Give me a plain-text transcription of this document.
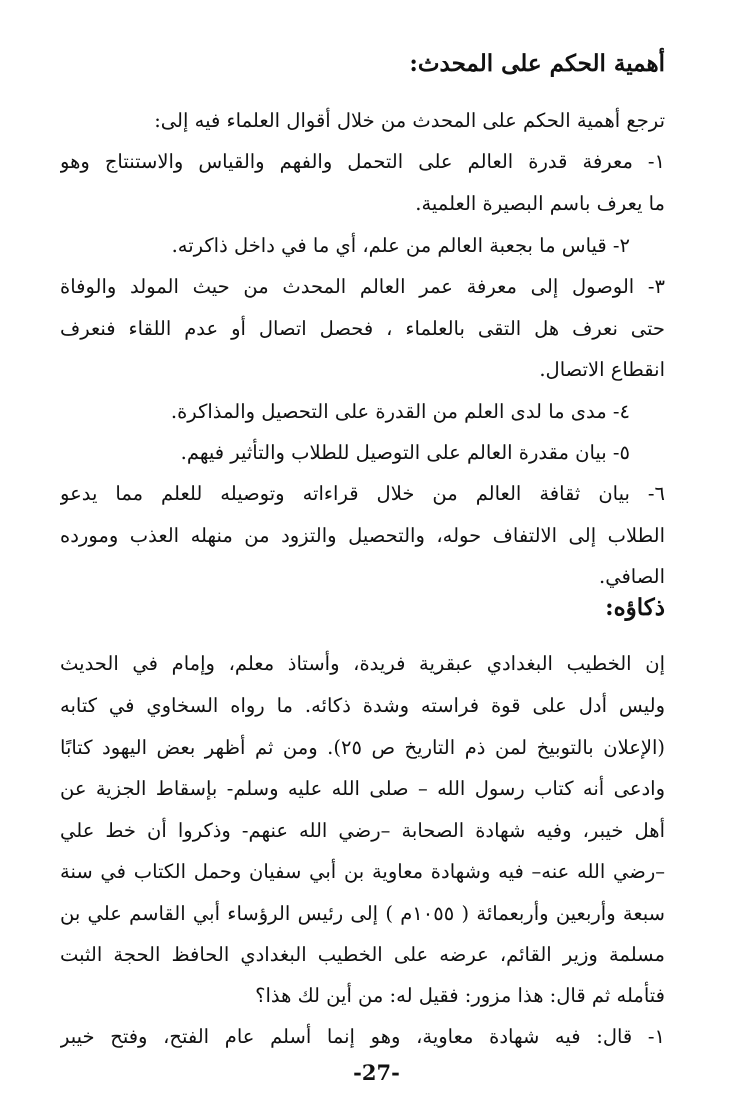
أهمية الحكم على المحدث:
ترجع أهمية الحكم على المحدث من خلال أقوال العلماء فيه إلى:
١- معرفة قدرة العالم على التحمل والفهم والقياس والاستنتاج وهو
ما يعرف باسم البصيرة العلمية.
٢- قياس ما بجعبة العالم من علم، أي ما في داخل ذاكرته.
٣- الوصول إلى معرفة عمر العالم المحدث من حيث المولد والوفاة
حتى نعرف هل التقى بالعلماء ، فحصل اتصال أو عدم اللقاء فنعرف
انقطاع الاتصال.
٤- مدى ما لدى العلم من القدرة على التحصيل والمذاكرة.
٥- بيان مقدرة العالم على التوصيل للطلاب والتأثير فيهم.
٦- بيان ثقافة العالم من خلال قراءاته وتوصيله للعلم مما يدعو
الطلاب إلى الالتفاف حوله، والتحصيل والتزود من منهله العذب ومورده
الصافي.
ذكاؤه:
إن الخطيب البغدادي عبقرية فريدة، وأستاذ معلم، وإمام في الحديث
وليس أدل على قوة فراسته وشدة ذكائه. ما رواه السخاوي في كتابه
(الإعلان بالتوبيخ لمن ذم التاريخ ص ٢٥). ومن ثم أظهر بعض اليهود كتابًا
وادعى أنه كتاب رسول الله – صلى الله عليه وسلم- بإسقاط الجزية عن
أهل خيبر، وفيه شهادة الصحابة –رضي الله عنهم- وذكروا أن خط علي
–رضي الله عنه– فيه وشهادة معاوية بن أبي سفيان وحمل الكتاب في سنة
سبعة وأربعين وأربعمائة ( ١٠٥٥م ) إلى رئيس الرؤساء أبي القاسم علي بن
مسلمة وزير القائم، عرضه على الخطيب البغدادي الحافظ الحجة الثبت
فتأمله ثم قال: هذا مزور: فقيل له: من أين لك هذا؟
١- قال: فيه شهادة معاوية، وهو إنما أسلم عام الفتح، وفتح خيبر
-27-
